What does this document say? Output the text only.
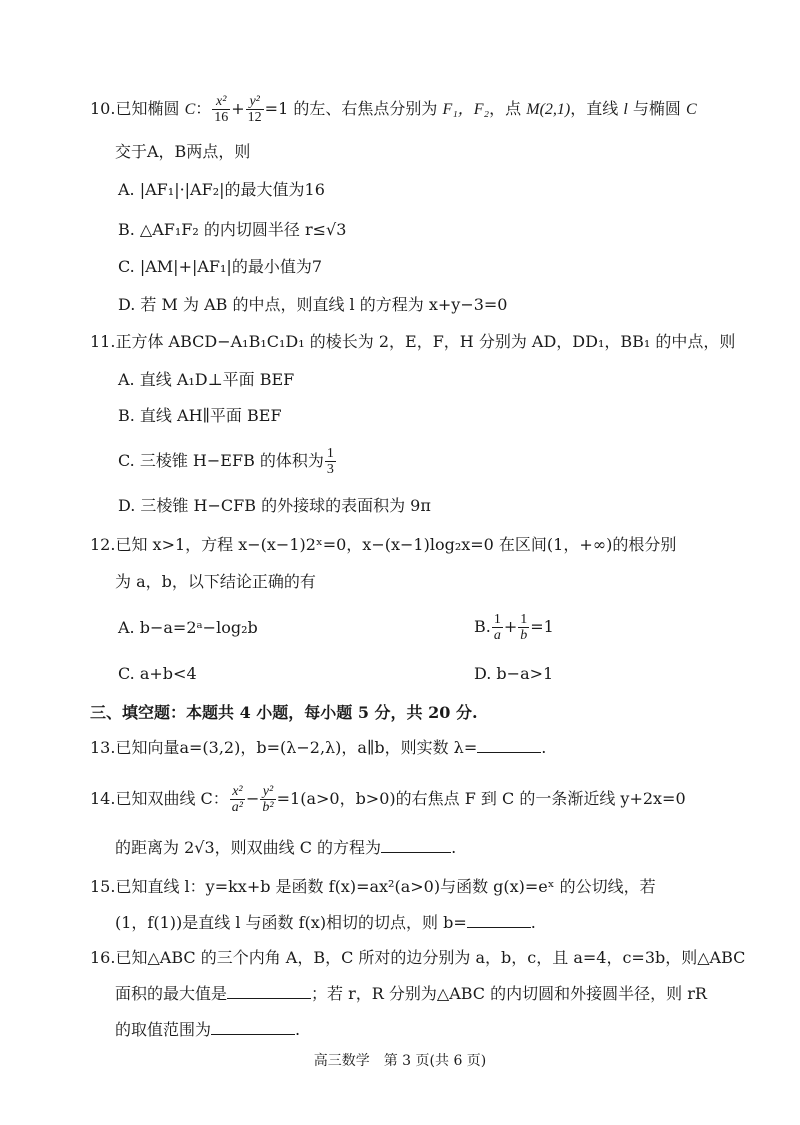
10.已知椭圆 C： $\frac{\text{x²}}{16} + \frac{\text{y²}}{12} =1$ 的左、右焦点分别为 F₁，F₂，点 M(2,1)，直线 l 与椭圆 C
交于A，B两点，则
A. |AF₁|·|AF₂|的最大值为16
B. △AF₁F₂ 的内切圆半径 r≤√3
C. |AM|+|AF₁|的最小值为7
D. 若 M 为 AB 的中点，则直线 l 的方程为 x+y−3=0
11.正方体 ABCD−A₁B₁C₁D₁ 的棱长为 2，E，F，H 分别为 AD，DD₁，BB₁ 的中点，则
A. 直线 A₁D⊥平面 BEF
B. 直线 AH∥平面 BEF
C. 三棱锥 H−EFB 的体积为 $\frac{1}{3}$
D. 三棱锥 H−CFB 的外接球的表面积为 9π
12.已知 x>1，方程 x−(x−1)2ˣ=0，x−(x−1)log₂x=0 在区间(1，+∞)的根分别
为 a，b，以下结论正确的有
A. b−a=2ᵃ−log₂b	B. $\frac{1}{a} + \frac{1}{b} =1$
C. a+b<4	D. b−a>1
三、填空题：本题共 4 小题，每小题 5 分，共 20 分.
13.已知向量a=(3,2)，b=(λ−2,λ)，a∥b，则实数 λ=	.
14.已知双曲线 C： $\frac{\text{x²}}{\text{a²}} - \frac{\text{y²}}{\text{b²}} =1(a>0$，b>0)的右焦点 F 到 C 的一条渐近线 y+2x=0
的距离为 2√3，则双曲线 C 的方程为	.
15.已知直线 l：y=kx+b 是函数 f(x)=ax²(a>0)与函数 g(x)=eˣ 的公切线，若
(1，f(1))是直线 l 与函数 f(x)相切的切点，则 b=	.
16.已知△ABC 的三个内角 A，B，C 所对的边分别为 a，b，c，且 a=4，c=3b，则△ABC
面积的最大值是	；若 r，R 分别为△ABC 的内切圆和外接圆半径，则 rR
的取值范围为	.
高三数学　第 3 页(共 6 页)
